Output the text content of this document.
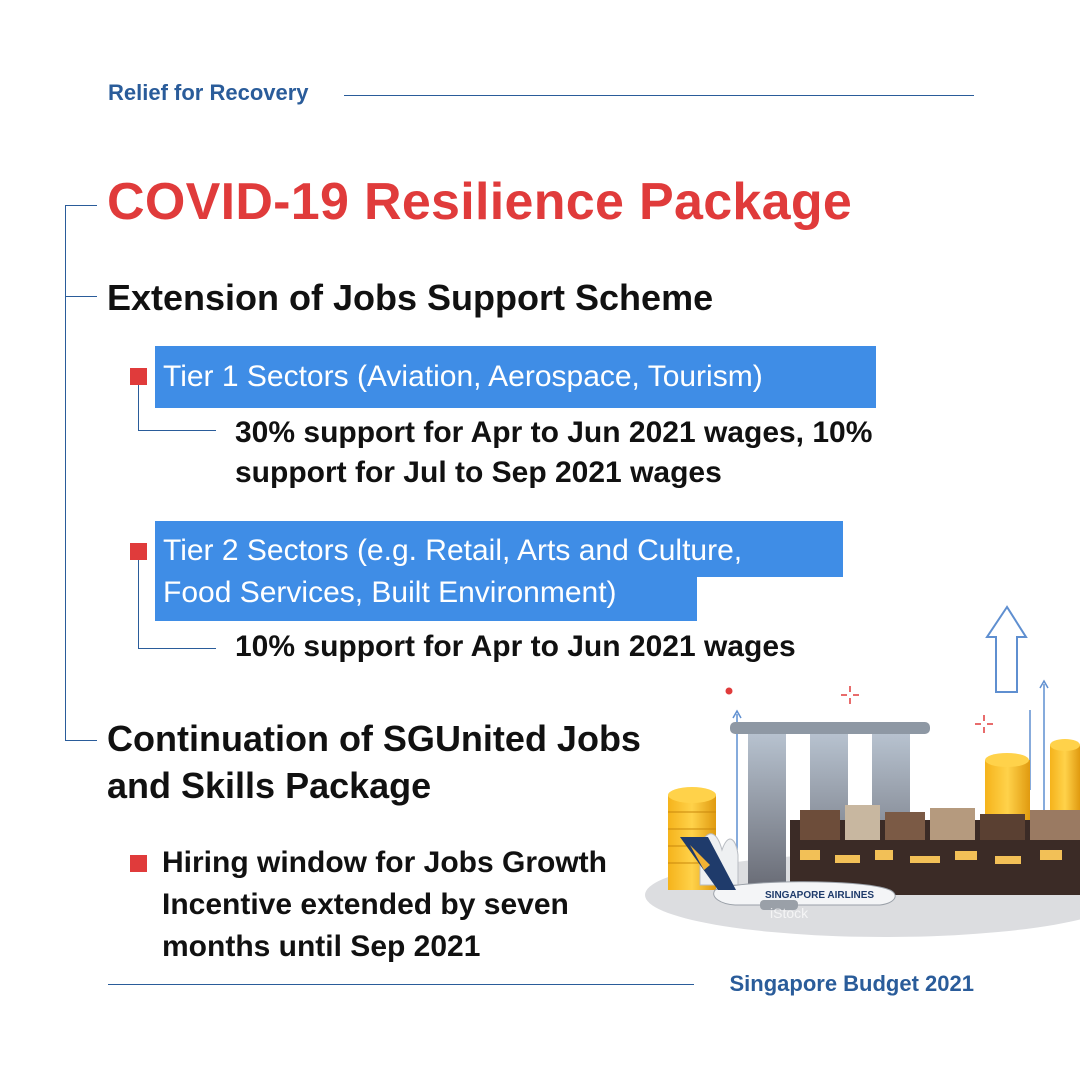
Relief for Recovery
COVID-19 Resilience Package
Extension of Jobs Support Scheme
Tier 1 Sectors (Aviation, Aerospace, Tourism)
30% support for Apr to Jun 2021 wages, 10%
support for Jul to Sep 2021 wages
Tier 2 Sectors (e.g. Retail, Arts and Culture,
Food Services, Built Environment)
10% support for Apr to Jun 2021 wages
Continuation of SGUnited Jobs
and Skills Package
Hiring window for Jobs Growth
Incentive extended by seven
months until Sep 2021
Singapore Budget 2021
SINGAPORE AIRLINES
iStock
